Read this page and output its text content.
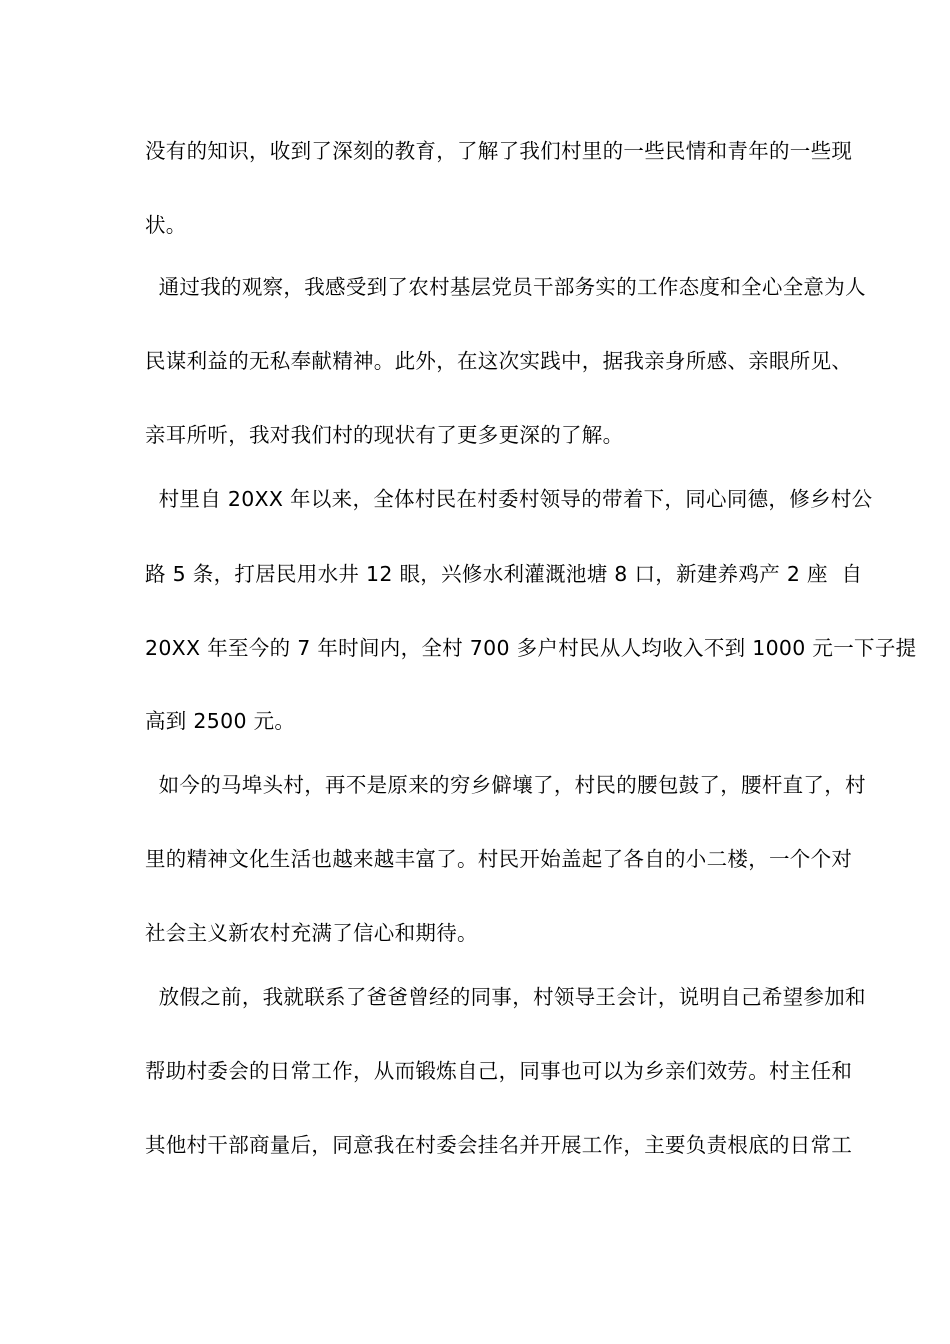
没有的知识，收到了深刻的教育，了解了我们村里的一些民情和青年的一些现
状。
通过我的观察，我感受到了农村基层党员干部务实的工作态度和全心全意为人
民谋利益的无私奉献精神。此外，在这次实践中，据我亲身所感、亲眼所见、
亲耳所听，我对我们村的现状有了更多更深的了解。
村里自 20XX 年以来，全体村民在村委村领导的带着下，同心同德，修乡村公
路 5 条，打居民用水井 12 眼，兴修水利灌溉池塘 8 口，新建养鸡产 2 座  自
20XX 年至今的 7 年时间内，全村 700 多户村民从人均收入不到 1000 元一下子提
高到 2500 元。
如今的马埠头村，再不是原来的穷乡僻壤了，村民的腰包鼓了，腰杆直了，村
里的精神文化生活也越来越丰富了。村民开始盖起了各自的小二楼，一个个对
社会主义新农村充满了信心和期待。
放假之前，我就联系了爸爸曾经的同事，村领导王会计，说明自己希望参加和
帮助村委会的日常工作，从而锻炼自己，同事也可以为乡亲们效劳。村主任和
其他村干部商量后，同意我在村委会挂名并开展工作，主要负责根底的日常工
